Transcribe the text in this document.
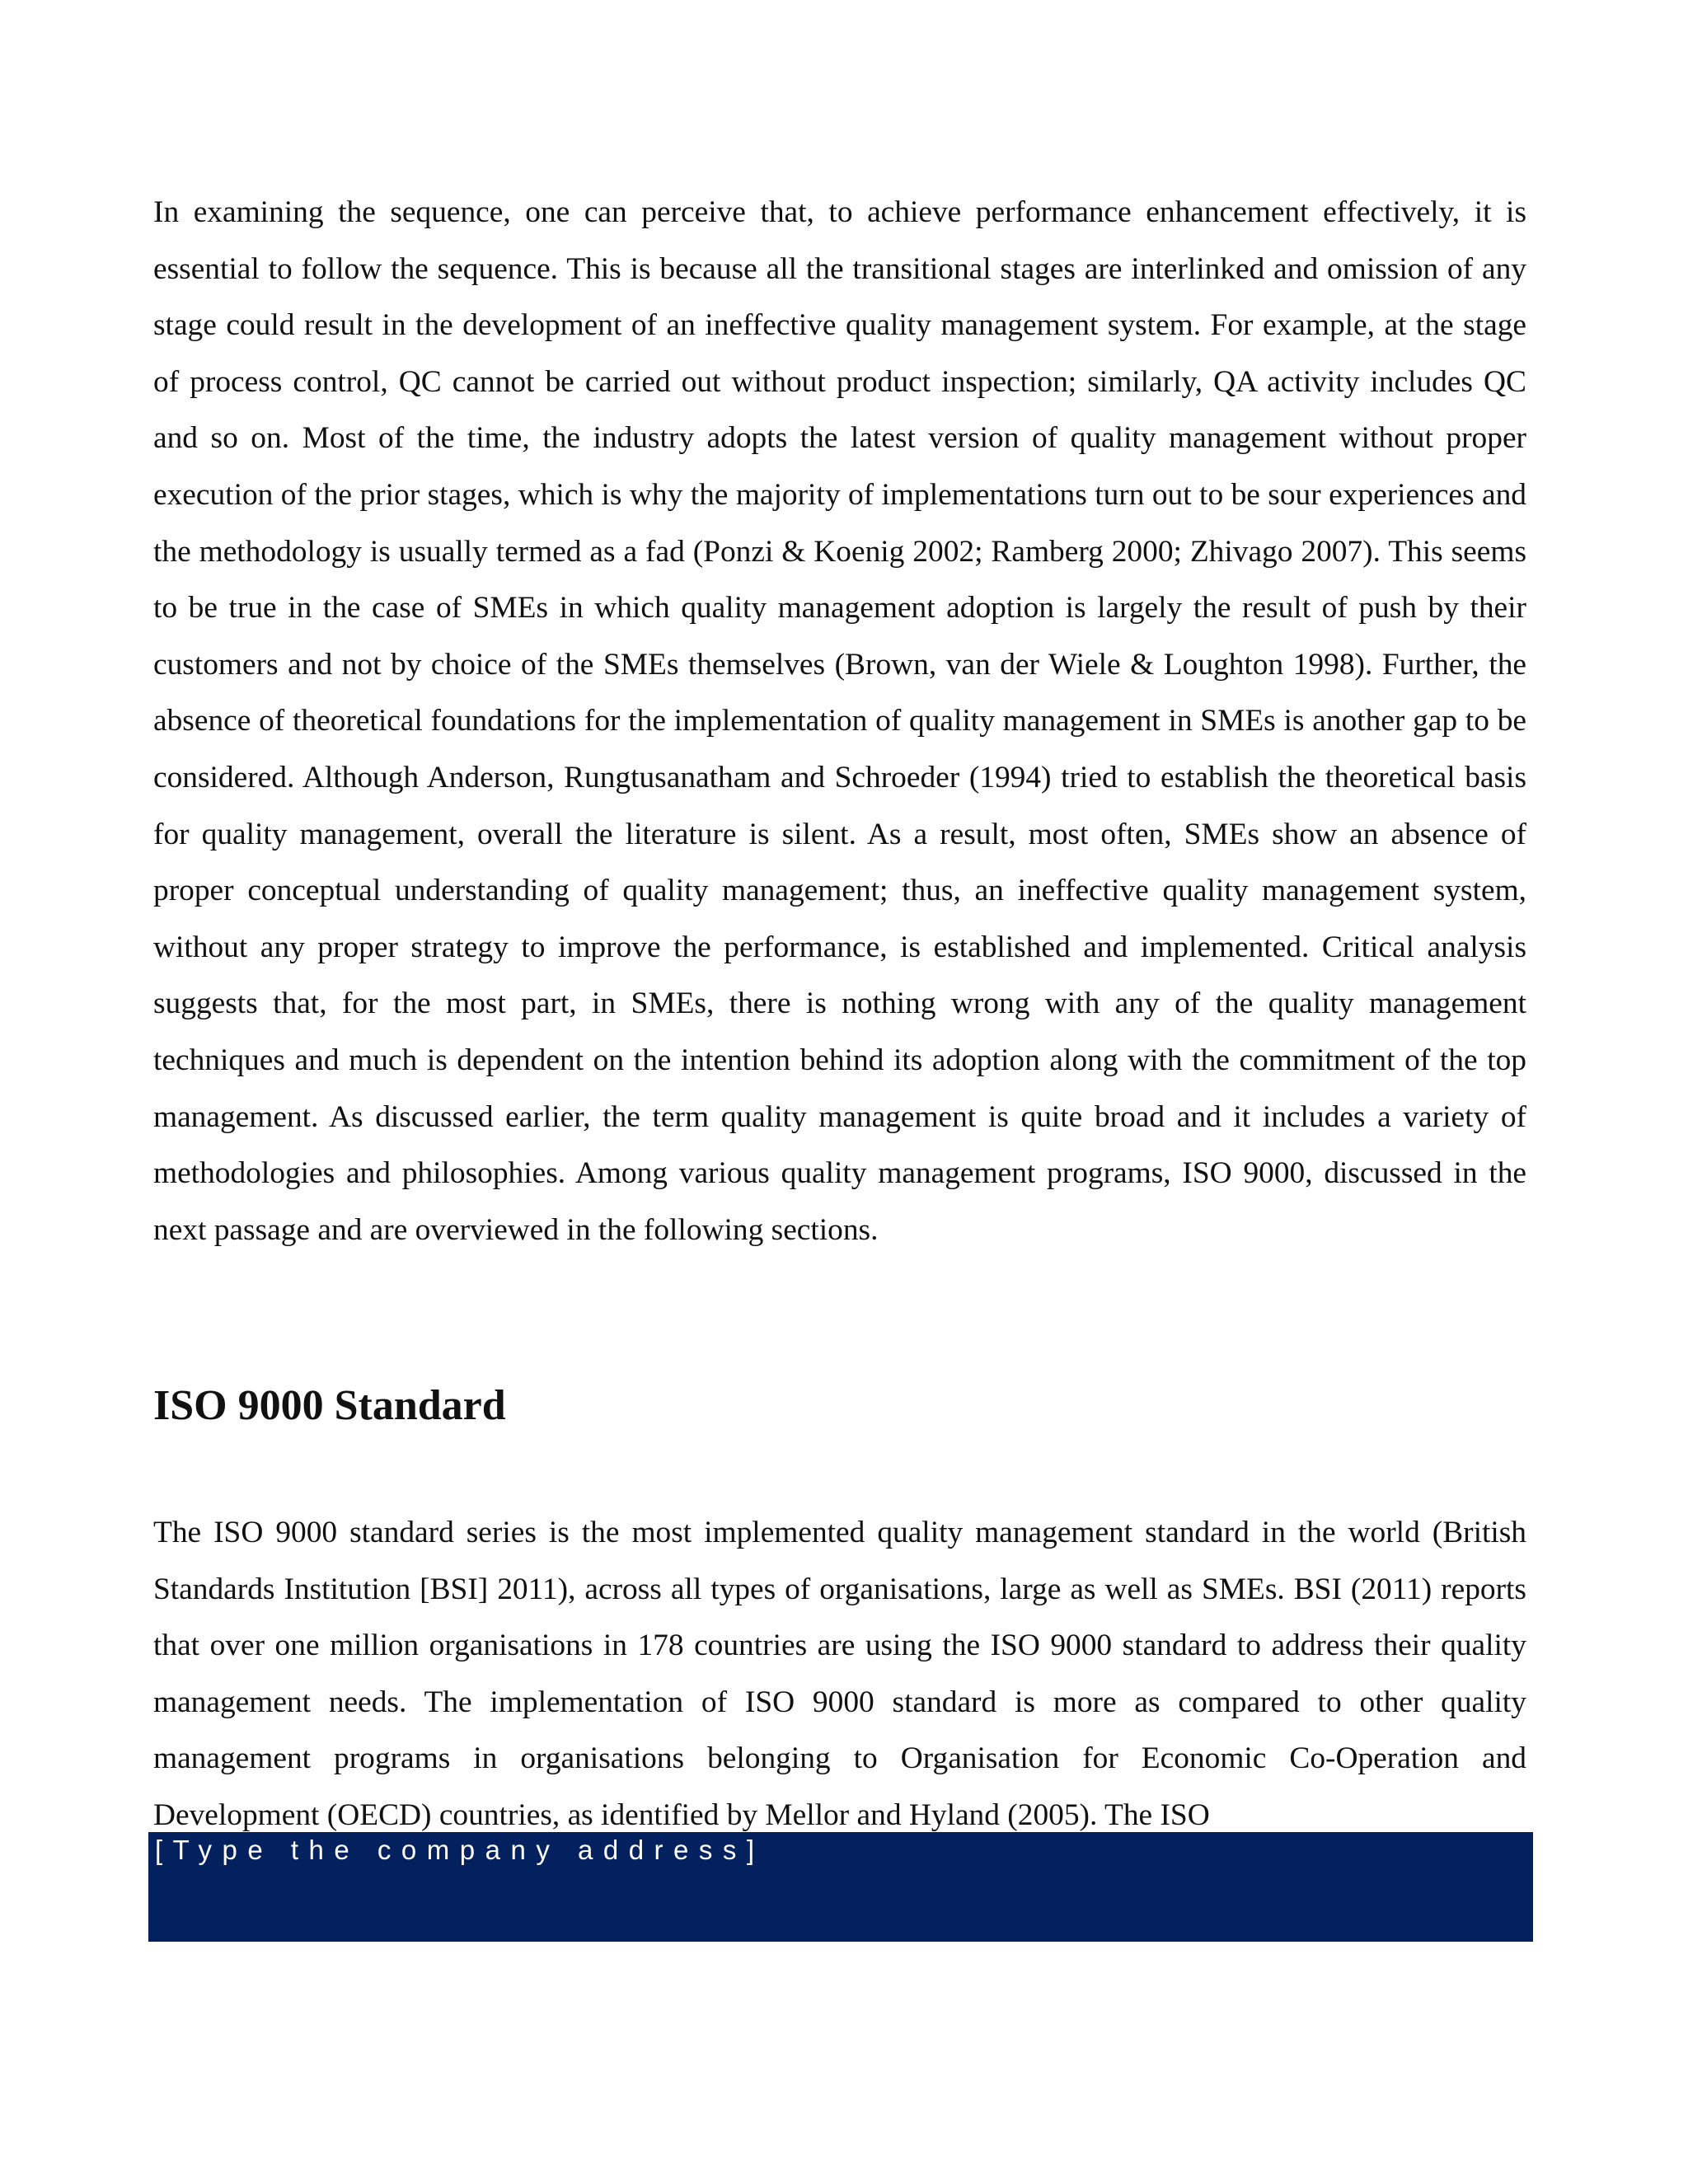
In examining the sequence, one can perceive that, to achieve performance enhancement effectively, it is essential to follow the sequence. This is because all the transitional stages are interlinked and omission of any stage could result in the development of an ineffective quality management system. For example, at the stage of process control, QC cannot be carried out without product inspection; similarly, QA activity includes QC and so on. Most of the time, the industry adopts the latest version of quality management without proper execution of the prior stages, which is why the majority of implementations turn out to be sour experiences and the methodology is usually termed as a fad (Ponzi & Koenig 2002; Ramberg 2000; Zhivago 2007). This seems to be true in the case of SMEs in which quality management adoption is largely the result of push by their customers and not by choice of the SMEs themselves (Brown, van der Wiele & Loughton 1998). Further, the absence of theoretical foundations for the implementation of quality management in SMEs is another gap to be considered. Although Anderson, Rungtusanatham and Schroeder (1994) tried to establish the theoretical basis for quality management, overall the literature is silent. As a result, most often, SMEs show an absence of proper conceptual understanding of quality management; thus, an ineffective quality management system, without any proper strategy to improve the performance, is established and implemented. Critical analysis suggests that, for the most part, in SMEs, there is nothing wrong with any of the quality management techniques and much is dependent on the intention behind its adoption along with the commitment of the top management. As discussed earlier, the term quality management is quite broad and it includes a variety of methodologies and philosophies. Among various quality management programs, ISO 9000, discussed in the next passage and are overviewed in the following sections.

ISO 9000 Standard

The ISO 9000 standard series is the most implemented quality management standard in the world (British Standards Institution [BSI] 2011), across all types of organisations, large as well as SMEs. BSI (2011) reports that over one million organisations in 178 countries are using the ISO 9000 standard to address their quality management needs. The implementation of ISO 9000 standard is more as compared to other quality management programs in organisations belonging to Organisation for Economic Co-Operation and Development (OECD) countries, as identified by Mellor and Hyland (2005). The ISO

[Type the company address]
